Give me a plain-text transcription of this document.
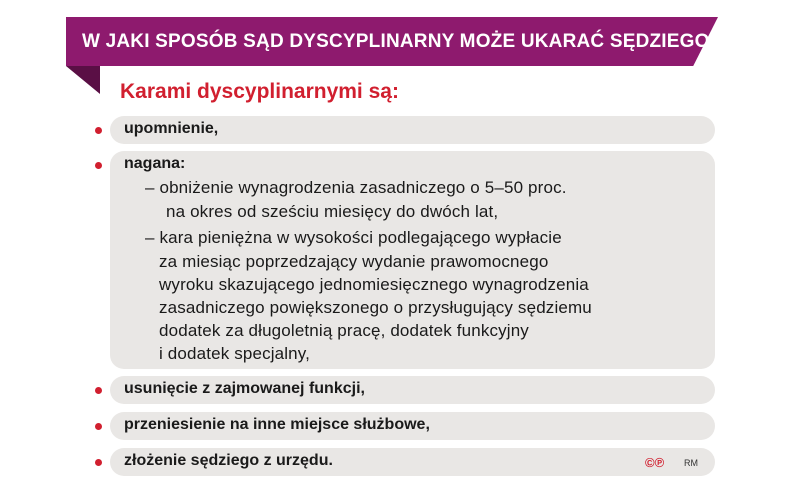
W JAKI SPOSÓB SĄD DYSCYPLINARNY MOŻE UKARAĆ SĘDZIEGO
Karami dyscyplinarnymi są:
upomnienie,
nagana:
– obniżenie wynagrodzenia zasadniczego o 5–50 proc.
na okres od sześciu miesięcy do dwóch lat,
– kara pieniężna w wysokości podlegającego wypłacie
za miesiąc poprzedzający wydanie prawomocnego
wyroku skazującego jednomiesięcznego wynagrodzenia
zasadniczego powiększonego o przysługujący sędziemu
dodatek za długoletnią pracę, dodatek funkcyjny
i dodatek specjalny,
usunięcie z zajmowanej funkcji,
przeniesienie na inne miejsce służbowe,
złożenie sędziego z urzędu.	©℗ RM
